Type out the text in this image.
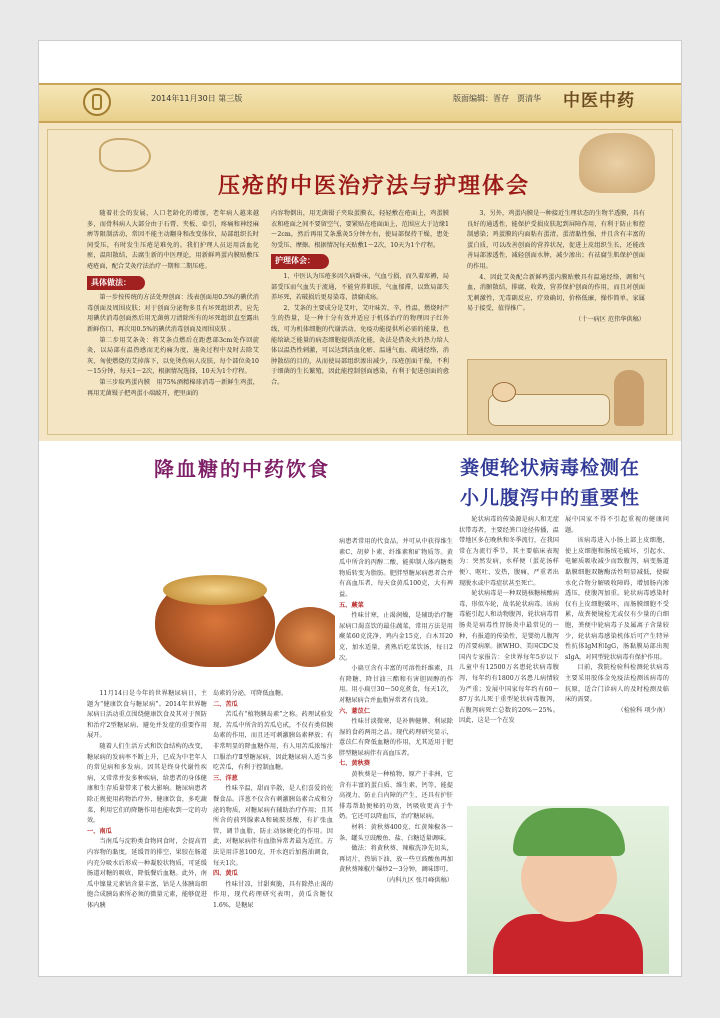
2014年11月30日 第三版	版面编辑：晋存　贾清华 中医中药
压疮的中医治疗法与护理体会

随着社会的发展，人口老龄化的增加，老年病人越来越多，而骨科病人大部分由于石膏、夹板、牵引，疼痛和神经麻痹等限制活动，常因不能主动翻身和改变体位，局部组织长时间受压，有时发生压疮是难免的。我们护理人员运用活血化瘀，温阳散结，去腐生新的中医理论，用新鲜鸡蛋内膜贴敷压疮疮面，配合艾灸疗法治疗一期和二期压疮。

具体做法：

第一步按传统的方法处理创面：浅表创面用0.5%的碘伏消毒创面及周围皮肤；对于创面分泌物多且有坏死组织者，应先用碘伏消毒创面然后用无菌剪刀清除所有的坏死组织直至露出新鲜伤口，再次用0.5%的碘伏消毒创面及周围皮肤 。

第二步用艾条灸：将艾条点燃后在距患部3cm处作回旋灸，以局部有温热感而无灼痛为度，施灸过程中及时去除艾灰，匆使燃烧的艾掉落下，以免烫伤病人皮肤，每个部位灸10～15分钟，每天1～2次，根据情况选择，10天为1个疗程。

第三步取鸡蛋内膜　用75%酒精棉球消毒一新鲜生鸡蛋，再用无菌镊子把鸡蛋小端敲开，把里面的

内容物倒出，用无菌镊子夹取蛋膜衣，轻轻敷在疮面上，鸡蛋膜衣和疮面之间不要留空气，要紧贴在疮面面上，范围应大于边缘1～2cm，然后再用艾条熏灸5分钟左右，使局部保持干燥，患处勿受压、摩擦。根据情况每天贴敷1～2次，10天为1个疗程。

护理体会：

1、中医认为压疮多因久病卧床，气血亏损，而久着席褥，局部受压而气血失于流通，不能营养肌肤，气血郁滞，以致局部失养坏死，若破损后更易染毒，溃腐成疡。

2、艾条的主要成分是艾叶，艾叶味苦、辛，性温，燃烧时产生的热量，是一种十分有效并适应于机体治疗的物理因子红外线，可为机体细胞的代谢活动、免疫功能提供所必需的能量，也能给缺乏能量的病态细胞提供活化能，灸法是借灸火的热力给人体以温热性刺激，可以达到活血化瘀、温通气血、疏通经络，消肿散结的目的，从而使局部组织渗出减少，压疮创面干燥，不利于细菌的生长繁殖，因此能控制创面感染，有利于促进创面的愈合。

3、另外，鸡蛋内膜是一种接近生理状态的生物半透膜，具有良好的通透性，能保护受损皮肤起到屏障作用，有利于防止和控制感染；鸡蛋膜的内面粘有蛋清，蛋清黏性强，并且含有丰富的蛋白质，可以改善创面的营养状况，促进上皮组织生长，还能改善局部渗透性，减轻创面水肿，减少渗出；有祛腐生肌保护创面的作用。

4、因此艾灸配合新鲜鸡蛋内膜贴敷具有温通经络，调和气血，消腑散结，排腐、收敛，营养保护创面的作用，而且对创面无刺激性，无毒副反应，疗效确切，价格低廉，操作简单，家属易于接受，值得推广。

（十一病区 范伟华供稿）
降血糖的中药饮食

11月14日是今年的世界糖尿病日，主题为“健康饮食与糖尿病”。2014年世界糖尿病日活动重点围绕健康饮食及其对于预防和治疗2型糖尿病、避免并发症的重要作用展开。

随着人们生活方式和饮食结构的改变，糖尿病的发病率不断上升，已成为中老年人的常见病和多发病。因其是终身代谢性疾病，又常常并发多种疾病，给患者的身体健康和生存质量带来了极大影响。糖尿病患者除正规使用药物治疗外，健康饮食，多吃蔬菜，利用它们的降糖作用也能收到一定的功效。

一、南瓜

当南瓜与淀粉类食物同食时，会提高胃内容物的黏度，延缓胃的排空，果胶在肠道内充分吸水后形成一种凝胶状物质，可延缓肠道对糖的吸收，降低餐后血糖。此外，南瓜中镍量元素钴含量丰富，钴是人体胰岛细胞合成胰岛素所必须的微量元素，能够促进体内胰

岛素的分泌，可降低血糖。

二、苦瓜

苦瓜有“植物胰岛素”之称。药理试验发现，苦瓜中所含的苦瓜皂甙，不仅有类似胰岛素的作用，而且还可刺激胰岛素释放；有非常明显的降血糖作用，有人用苦瓜浓缩汁口服治疗Ⅱ型糖尿病，因此糖尿病人适当多吃苦瓜，有利于控制血糖。

三、洋葱

性味辛温，甜而辛散，是人们喜爱的佐餐食品。洋葱不仅含有刺激胰岛素合成和分泌的物质，对糖尿病有辅助治疗作用；且其所含的前列腺素A和硫胺基酸，有扩张血管，调节血脂，防止动脉硬化的作用。因此，对糖尿病伴有血脂异常者最为适宜。方法是用洋葱100克，开水泡后加酱油调食，每天1次。

四、黄瓜

性味甘凉，甘甜爽脆，具有除热止渴的作用，现代药理研究表明，黄瓜含糖仅1.6%，是糖尿

病患者常用的代食品，并可从中获得维生素C、胡萝卜素、纤维素和矿物质等。黄瓜中所含的丙醇二酸，能抑制人体内糖类物质转变为脂肪。肥胖型糖尿病患者合并有高血压者，每天食黄瓜100克，大有裨益。

五、蕨菜

性味甘寒，止渴润燥，是辅助治疗糖尿病口渴喜饮的最佳蔬菜，常用方法是用蕨菜60克洗净，鸡内金15克，白木耳20克，加水适量，煮熟后吃菜饮汤，每日2次。

小扁豆含有丰富的可溶性纤维素，具有降糖、降甘油三酯和有害胆固醇的作用。用小扁豆30～50克煮食，每天1次，对糖尿病合并血脂异常者有良效。

六、薏苡仁

性味甘淡微寒，是补脾健脾、利尿除湿的食药两用之品。现代药理研究显示，薏苡仁有降低血糖的作用，尤其适用于肥胖型糖尿病伴有高血压者。

七、黄秋葵

黄秋葵是一种植物，原产于非洲，它含有丰富的蛋白质、维生素、钙等，能提高视力，防止白内障的产生，还具有护肝排毒帮助便秘的功效，钙吸收更高于牛奶。它还可以降血压，治疗糖尿病。

材料：黄秋葵400克、红黄辣椒各一条、罐头豆豉酸鱼、盐、白糖适量调味。

做法：将黄秋葵、辣椒洗净先切头，再切片，热锅下油，放一些豆豉酸鱼再加黄秋葵辣椒片爆炒2～3分钟，调味即可。

（内科九区 张月峰供稿）
粪便轮状病毒检测在
小儿腹泻中的重要性

轮状病毒的传染源是病人和无症状带毒者，主要经粪口途径传播，温带地区多在晚秋和冬季流行，在我国常在为流行季节，其主要临床表现为：突然发病，水样便（蛋花汤样便）、呕吐、发热，腹痛，严重者出现脱水或中毒症状甚至死亡。

轮状病毒是一种双链核糖核酸病毒，形似车轮，故名轮状病毒。该病毒能引起人和动物腹泻，轮状病毒胃肠炎是病毒性胃肠炎中最常见的一种，有报道的传染性，是婴幼儿腹泻的首要病原。据WHO、美国CDC及国内专家报告：全世界每年5岁以下儿童中有12500万名患轮状病毒腹泻，每年约有1800万名患儿病情较为严重；发展中国家每年约有60～87万名儿死于重型轮状病毒腹泻，占腹泻病死亡总数的20%～25%。因此，这是一个在发

展中国家不得不引起重视的健康问题。

该病毒进入小肠上部上皮细胞，使上皮细胞和肠绒毛破坏，引起水、电解质吸收减少而致腹泻，病变肠道黏膜细胞双糖酶活性明显减低，使碳水化合物分解吸收障碍，增加肠内渗透压，使腹泻加重。轮状病毒感染时仅有上皮细胞破坏，而肠膜细胞不受累，故粪便镜检无或仅有少量的白细胞，粪便中轮病毒子及属离子含量较少，轮状病毒感染机体后可产生特异性抗体IgM和IgG，肠黏膜局部出现sIgA，对同型轮状病毒有保护作用。

目前，我院检验科检测轮状病毒主要采用胶体金免疫法检测该病毒的抗原，适合门诊病人的及时检测及临床的需要。

（检验科 项少南）
